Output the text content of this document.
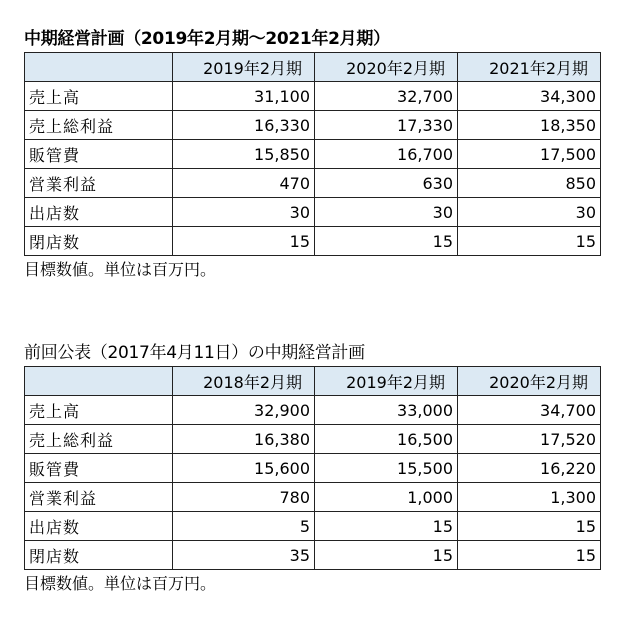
中期経営計画（2019年2月期～2021年2月期）
	2019年2月期	2020年2月期	2021年2月期
売上高	31,100	32,700	34,300
売上総利益	16,330	17,330	18,350
販管費	15,850	16,700	17,500
営業利益	470	630	850
出店数	30	30	30
閉店数	15	15	15
目標数値。単位は百万円。
前回公表（2017年4月11日）の中期経営計画
	2018年2月期	2019年2月期	2020年2月期
売上高	32,900	33,000	34,700
売上総利益	16,380	16,500	17,520
販管費	15,600	15,500	16,220
営業利益	780	1,000	1,300
出店数	5	15	15
閉店数	35	15	15
目標数値。単位は百万円。
